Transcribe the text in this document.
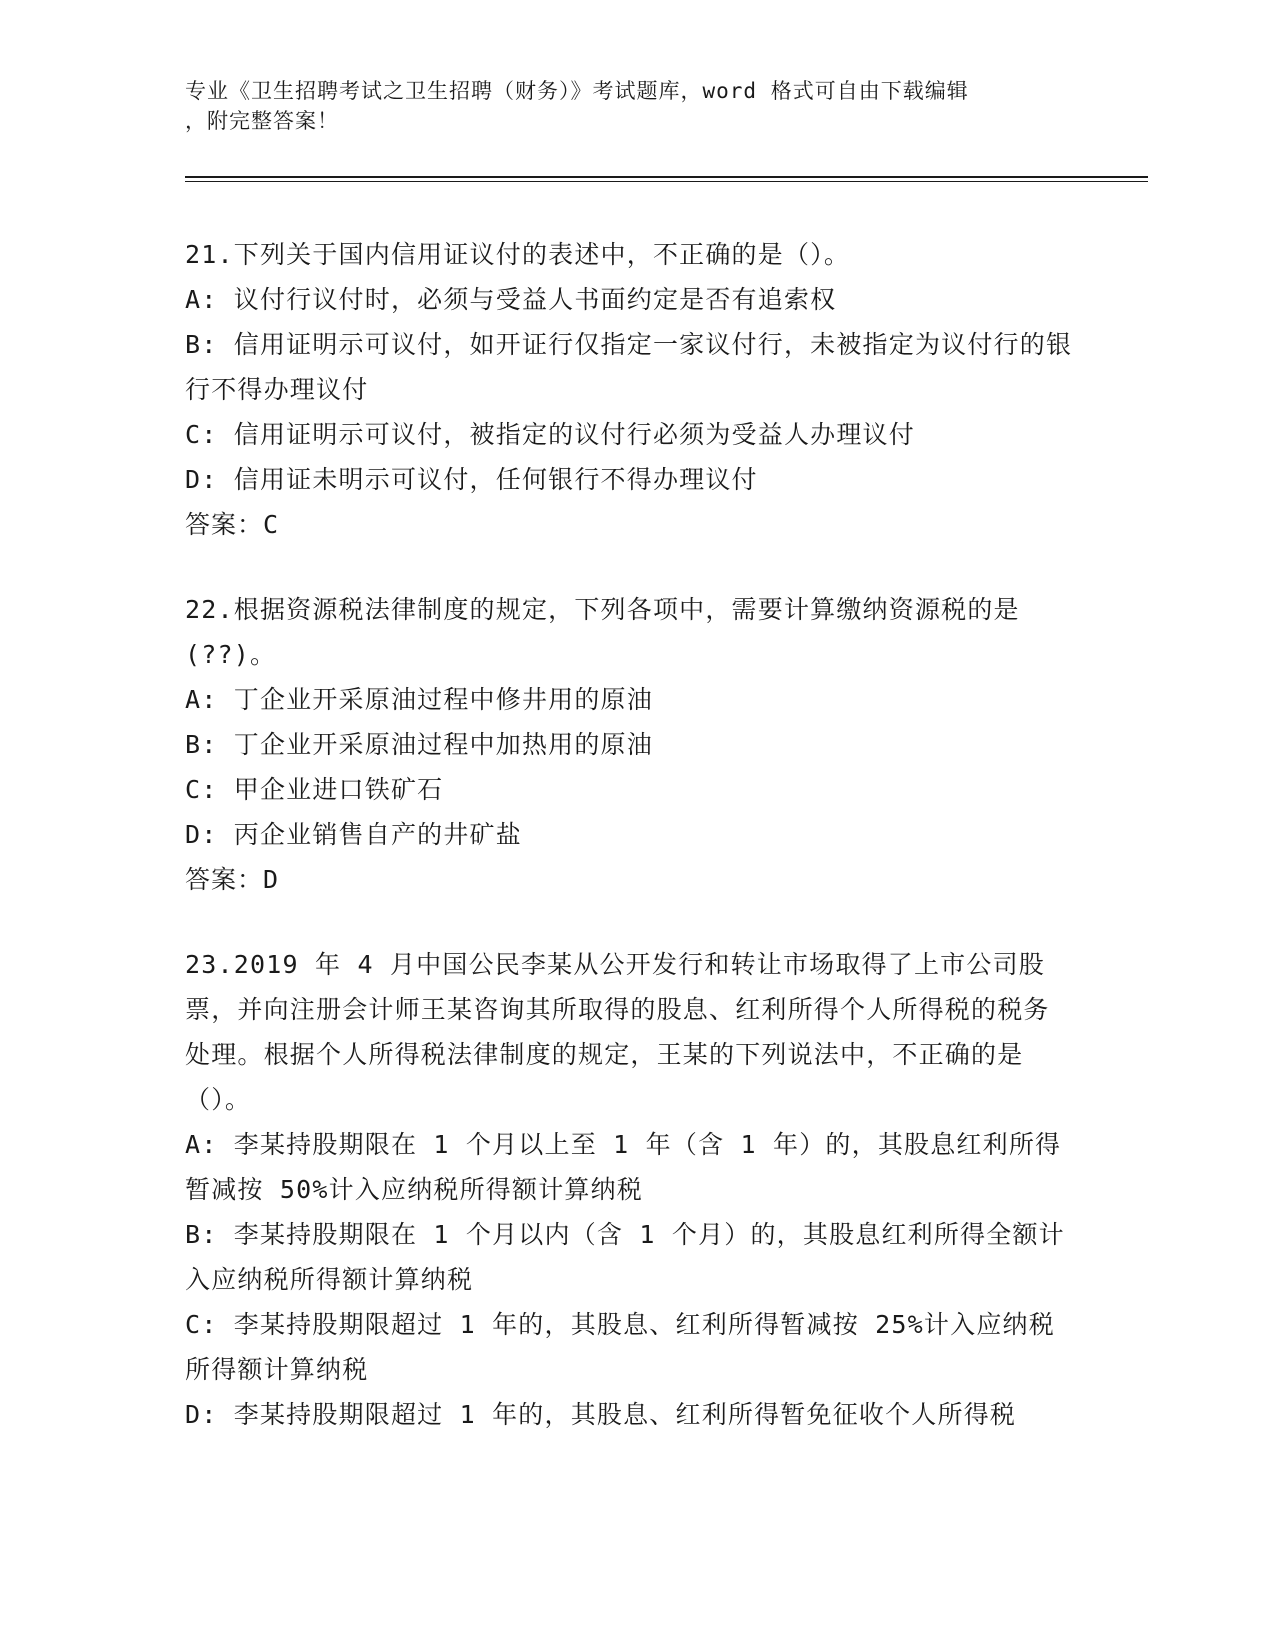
专业《卫生招聘考试之卫生招聘（财务）》考试题库，word 格式可自由下载编辑
，附完整答案！

21.下列关于国内信用证议付的表述中，不正确的是（）。

A: 议付行议付时，必须与受益人书面约定是否有追索权

B: 信用证明示可议付，如开证行仅指定一家议付行，未被指定为议付行的银行不得办理议付

C: 信用证明示可议付，被指定的议付行必须为受益人办理议付

D: 信用证未明示可议付，任何银行不得办理议付

答案：C

22.根据资源税法律制度的规定，下列各项中，需要计算缴纳资源税的是(??)。

A: 丁企业开采原油过程中修井用的原油

B: 丁企业开采原油过程中加热用的原油

C: 甲企业进口铁矿石

D: 丙企业销售自产的井矿盐

答案：D

23.2019 年 4 月中国公民李某从公开发行和转让市场取得了上市公司股票，并向注册会计师王某咨询其所取得的股息、红利所得个人所得税的税务处理。根据个人所得税法律制度的规定，王某的下列说法中，不正确的是（）。

A: 李某持股期限在 1 个月以上至 1 年（含 1 年）的，其股息红利所得暂减按 50%计入应纳税所得额计算纳税

B: 李某持股期限在 1 个月以内（含 1 个月）的，其股息红利所得全额计入应纳税所得额计算纳税

C: 李某持股期限超过 1 年的，其股息、红利所得暂减按 25%计入应纳税所得额计算纳税

D: 李某持股期限超过 1 年的，其股息、红利所得暂免征收个人所得税
